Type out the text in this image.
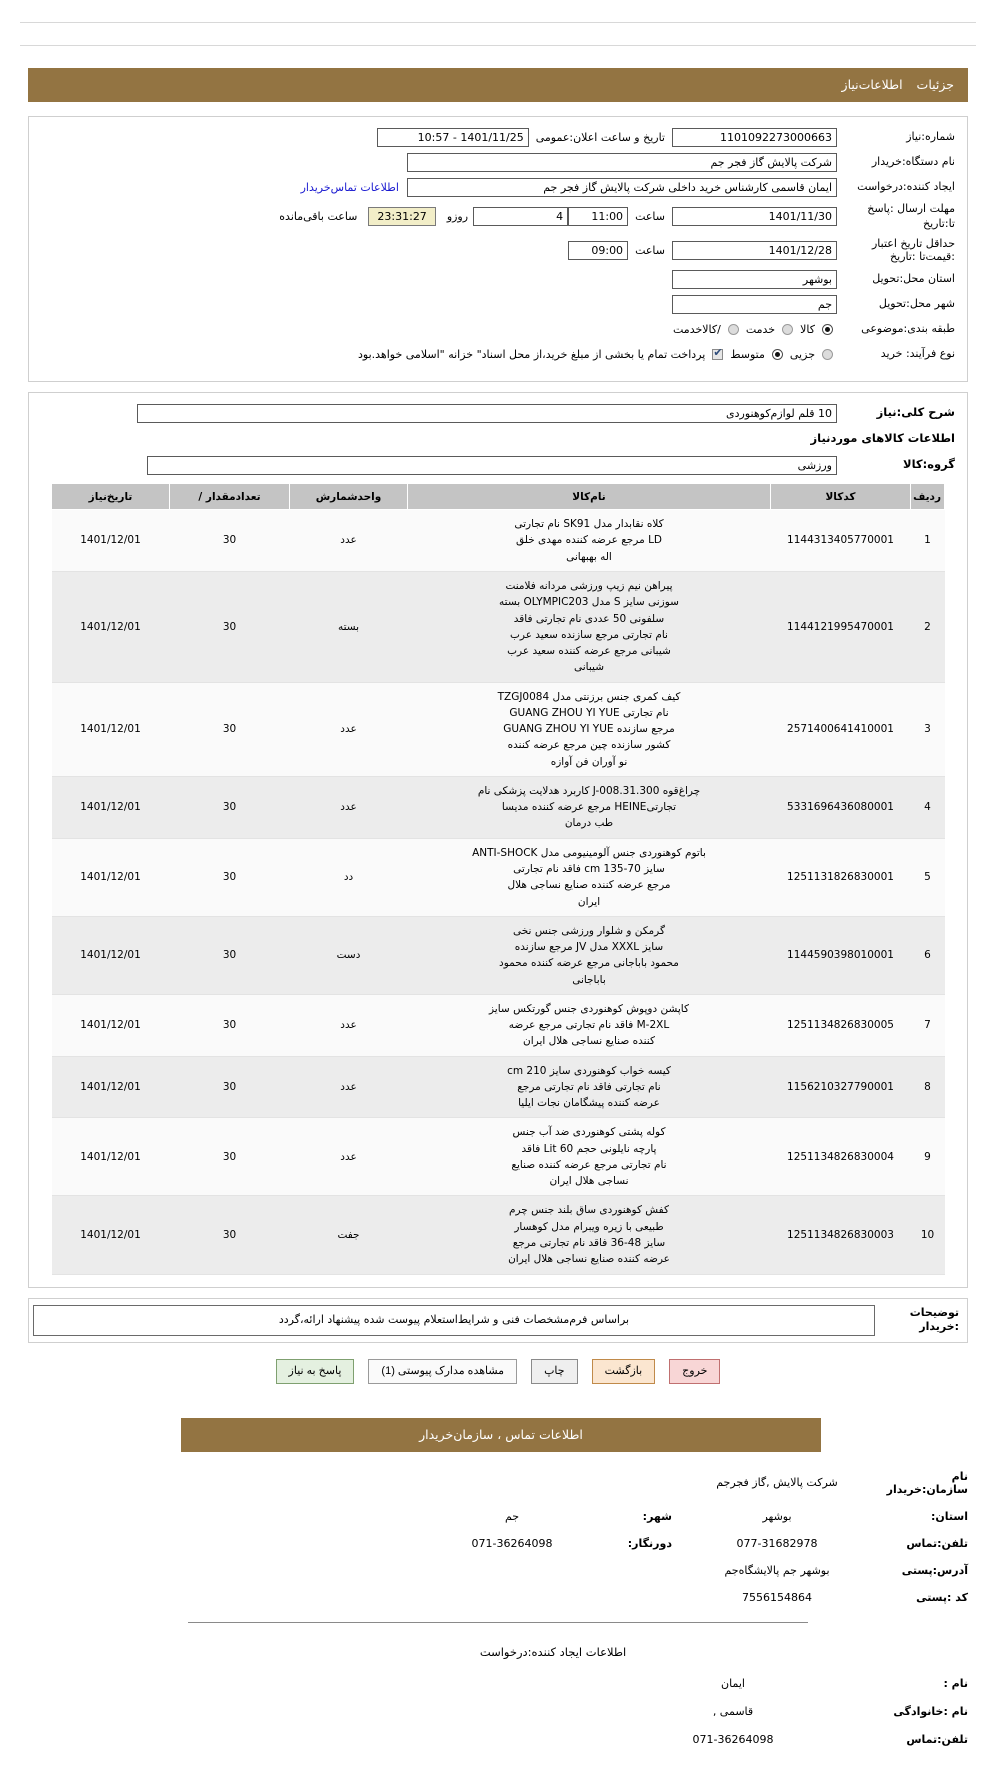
جزئیات اطلاعات‌نیاز
شماره:نیاز
1101092273000663
تاریخ و ساعت اعلان:عمومی
1401/11/25 - 10:57
نام دستگاه:خریدار
شرکت پالایش گاز فجر جم
ایجاد کننده:درخواست
ایمان قاسمی کارشناس خرید داخلی شرکت پالایش گاز فجر جم
اطلاعات تماس‌خریدار
مهلت ارسال :پاسخ تا:تاریخ
1401/11/30
ساعت
11:00
4
روزو
23:31:27
ساعت باقی‌مانده
حداقل تاریخ اعتبار :قیمت‌تا :تاریخ
1401/12/28
ساعت
09:00
استان محل:تحویل
بوشهر
شهر محل:تحویل
جم
طبقه بندی:موضوعی
کالا
خدمت
/کالاخدمت
نوع فرآیند: خرید
جزیی
متوسط
✔
پرداخت تمام یا بخشی از مبلغ خرید،از محل اسناد" خزانه "اسلامی خواهد.بود
شرح کلی:نیاز
10 قلم لوازم‌کوهنوردی
اطلاعات کالاهای موردنیاز
گروه:کالا
ورزشی
ردیف	کدکالا	نام‌کالا	واحدشمارش	تعداد‌مقدار /	تاریخ‌نیاز
1	1144313405770001	کلاه نقابدار مدل SK91 نام تجارتی
LD مرجع عرضه کننده مهدی خلق
اله بهبهانی	عدد	30	1401/12/01
2	1144121995470001	پیراهن نیم زیپ ورزشی مردانه فلامنت
سوزنی سایز S مدل OLYMPIC203 بسته
سلفونی 50 عددی نام تجارتی فاقد
نام تجارتی مرجع سازنده سعید عرب
شیبانی مرجع عرضه کننده سعید عرب
شیبانی	بسته	30	1401/12/01
3	2571400641410001	کیف کمری جنس برزنتی مدل TZGJ0084
نام تجارتی GUANG ZHOU YI YUE
مرجع سازنده GUANG ZHOU YI YUE
کشور سازنده چین مرجع عرضه کننده
نو آوران فن آوازه	عدد	30	1401/12/01
4	5331696436080001	چراغ‌قوه J-008.31.300 کاربرد هدلایت پزشکی نام
تجارتیHEINE مرجع عرضه کننده مدیسا
طب درمان	عدد	30	1401/12/01
5	1251131826830001	باتوم کوهنوردی جنس آلومینیومی مدل ANTI-SHOCK
سایز 70-135 cm فاقد نام تجارتی
مرجع عرضه کننده صنایع نساجی هلال
ایران	دد	30	1401/12/01
6	1144590398010001	گرمکن و شلوار ورزشی جنس نخی
سایز XXXL مدل JV مرجع سازنده
محمود باباجانی مرجع عرضه کننده محمود
باباجانی	دست	30	1401/12/01
7	1251134826830005	کاپشن دوپوش کوهنوردی جنس گورتکس سایز
M-2XL فاقد نام تجارتی مرجع عرضه
کننده صنایع نساجی هلال ایران	عدد	30	1401/12/01
8	1156210327790001	کیسه خواب کوهنوردی سایز 210 cm
نام تجارتی فاقد نام تجارتی مرجع
عرضه کننده پیشگامان نجات ایلیا	عدد	30	1401/12/01
9	1251134826830004	کوله پشتی کوهنوردی ضد آب جنس
پارچه نایلونی حجم 60 Lit فاقد
نام تجارتی مرجع عرضه کننده صنایع
نساجی هلال ایران	عدد	30	1401/12/01
10	1251134826830003	کفش کوهنوردی ساق بلند جنس چرم
طبیعی با زیره ویبرام مدل کوهسار
سایز 48-36 فاقد نام تجارتی مرجع
عرضه کننده صنایع نساجی هلال ایران	جفت	30	1401/12/01
توضیحات :خریدار
براساس فرم‌مشخصات فنی و شرایط‌استعلام پیوست شده پیشنهاد ارائه،گردد
خروج
بازگشت
چاپ
مشاهده مدارک پیوستی (1)
پاسخ به نیاز
اطلاعات تماس ، سازمان‌خریدار
نام سازمان:خریدار
شرکت پالایش ,گاز فجرجم
استان:
بوشهر
شهر:
جم
تلفن:تماس
077-31682978
دورنگار:
071-36264098
آدرس:پستی
بوشهر جم پالایشگاه‌جم
کد :پستی
7556154864
اطلاعات ایجاد کننده:درخواست
نام :
ایمان
نام :خانوادگی
قاسمی ,
تلفن:تماس
071-36264098
